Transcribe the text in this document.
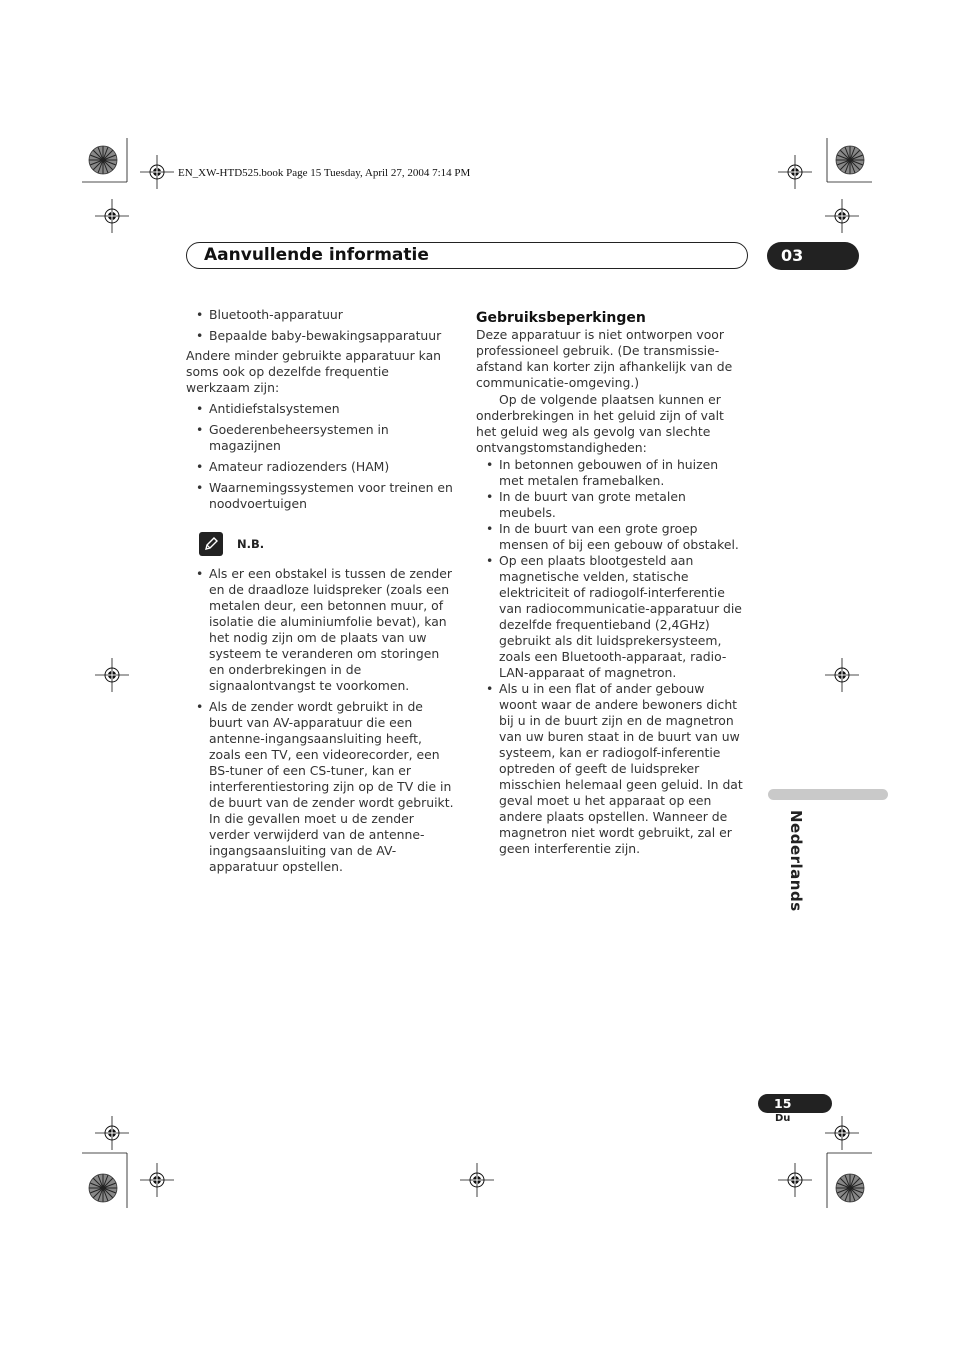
EN_XW-HTD525.book Page 15 Tuesday, April 27, 2004 7:14 PM
Aanvullende informatie	03
• Bluetooth-apparatuur
• Bepaalde baby-bewakingsapparatuur

Andere minder gebruikte apparatuur kan soms ook op dezelfde frequentie werkzaam zijn:

• Antidiefstalsystemen
• Goederenbeheersystemen in magazijnen
• Amateur radiozenders (HAM)
• Waarnemingssystemen voor treinen en noodvoertuigen
N.B.
• Als er een obstakel is tussen de zender en de draadloze luidspreker (zoals een metalen deur, een betonnen muur, of isolatie die aluminiumfolie bevat), kan het nodig zijn om de plaats van uw systeem te veranderen om storingen en onderbrekingen in de signaalontvangst te voorkomen.
• Als de zender wordt gebruikt in de buurt van AV-apparatuur die een antenne-ingangsaansluiting heeft, zoals een TV, een videorecorder, een BS-tuner of een CS-tuner, kan er interferentiestoring zijn op de TV die in de buurt van de zender wordt gebruikt. In die gevallen moet u de zender verder verwijderd van de antenne-ingangsaansluiting van de AV-apparatuur opstellen.
Gebruiksbeperkingen

Deze apparatuur is niet ontworpen voor professioneel gebruik. (De transmissie-afstand kan korter zijn afhankelijk van de communicatie-omgeving.)

Op de volgende plaatsen kunnen er onderbrekingen in het geluid zijn of valt het geluid weg als gevolg van slechte ontvangstomstandigheden:

• In betonnen gebouwen of in huizen met metalen framebalken.
• In de buurt van grote metalen meubels.
• In de buurt van een grote groep mensen of bij een gebouw of obstakel.
• Op een plaats blootgesteld aan magnetische velden, statische elektriciteit of radiogolf-interferentie van radiocommunicatie-apparatuur die dezelfde frequentieband (2,4GHz) gebruikt als dit luidsprekersysteem, zoals een Bluetooth-apparaat, radio-LAN-apparaat of magnetron.
• Als u in een flat of ander gebouw woont waar de andere bewoners dicht bij u in de buurt zijn en de magnetron van uw buren staat in de buurt van uw systeem, kan er radiogolf-inferentie optreden of geeft de luidspreker misschien helemaal geen geluid. In dat geval moet u het apparaat op een andere plaats opstellen. Wanneer de magnetron niet wordt gebruikt, zal er geen interferentie zijn.	Nederlands
15
Du
